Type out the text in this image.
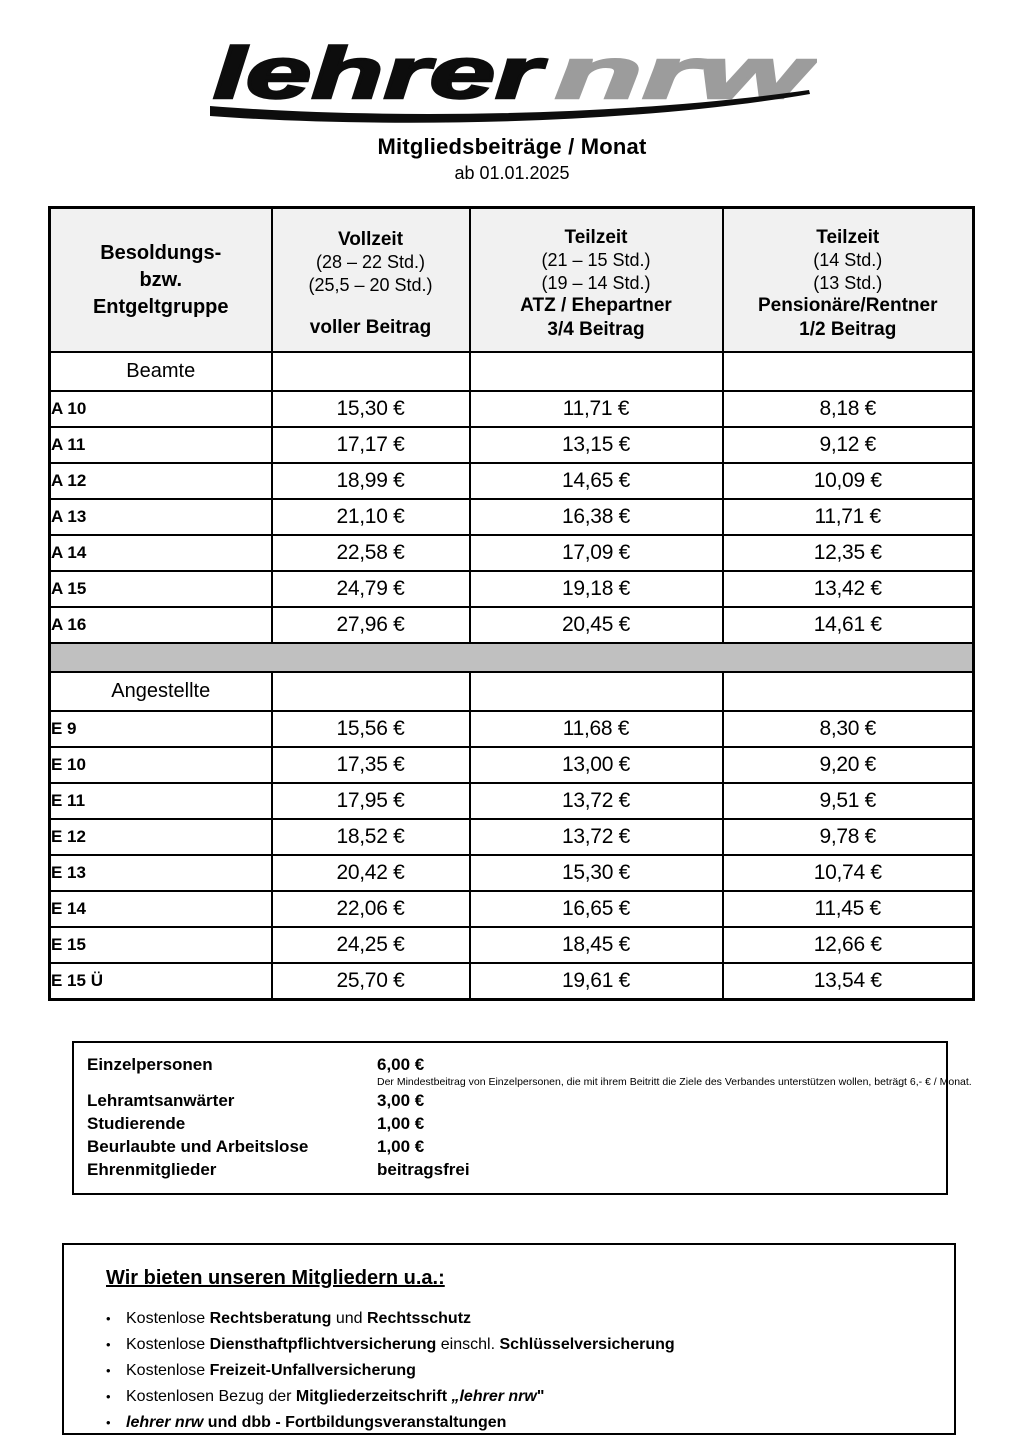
lehrer nrw
Mitgliedsbeiträge / Monat
ab 01.01.2025
Besoldungs-
bzw.
Entgeltgruppe

Vollzeit
(28 – 22 Std.)
(25,5 – 20 Std.)
voller Beitrag

Teilzeit
(21 – 15 Std.)
(19 – 14 Std.)
ATZ / Ehepartner
3/4 Beitrag

Teilzeit
(14 Std.)
(13 Std.)
Pensionäre/Rentner
1/2 Beitrag

Beamte			
A 10	15,30 €	11,71 €	8,18 €
A 11	17,17 €	13,15 €	9,12 €
A 12	18,99 €	14,65 €	10,09 €
A 13	21,10 €	16,38 €	11,71 €
A 14	22,58 €	17,09 €	12,35 €
A 15	24,79 €	19,18 €	13,42 €
A 16	27,96 €	20,45 €	14,61 €

Angestellte			
E 9	15,56 €	11,68 €	8,30 €
E 10	17,35 €	13,00 €	9,20 €
E 11	17,95 €	13,72 €	9,51 €
E 12	18,52 €	13,72 €	9,78 €
E 13	20,42 €	15,30 €	10,74 €
E 14	22,06 €	16,65 €	11,45 €
E 15	24,25 €	18,45 €	12,66 €
E 15 Ü	25,70 €	19,61 €	13,54 €
Einzelpersonen	6,00 €
Der Mindestbeitrag von Einzelpersonen, die mit ihrem Beitritt die Ziele des Verbandes unterstützen wollen, beträgt 6,- € / Monat.
Lehramtsanwärter	3,00 €
Studierende	1,00 €
Beurlaubte und Arbeitslose	1,00 €
Ehrenmitglieder	beitragsfrei
Wir bieten unseren Mitgliedern u.a.:
• Kostenlose Rechtsberatung und Rechtsschutz
• Kostenlose Diensthaftpflichtversicherung einschl. Schlüsselversicherung
• Kostenlose Freizeit-Unfallversicherung
• Kostenlosen Bezug der Mitgliederzeitschrift „lehrer nrw"
• lehrer nrw und dbb - Fortbildungsveranstaltungen
